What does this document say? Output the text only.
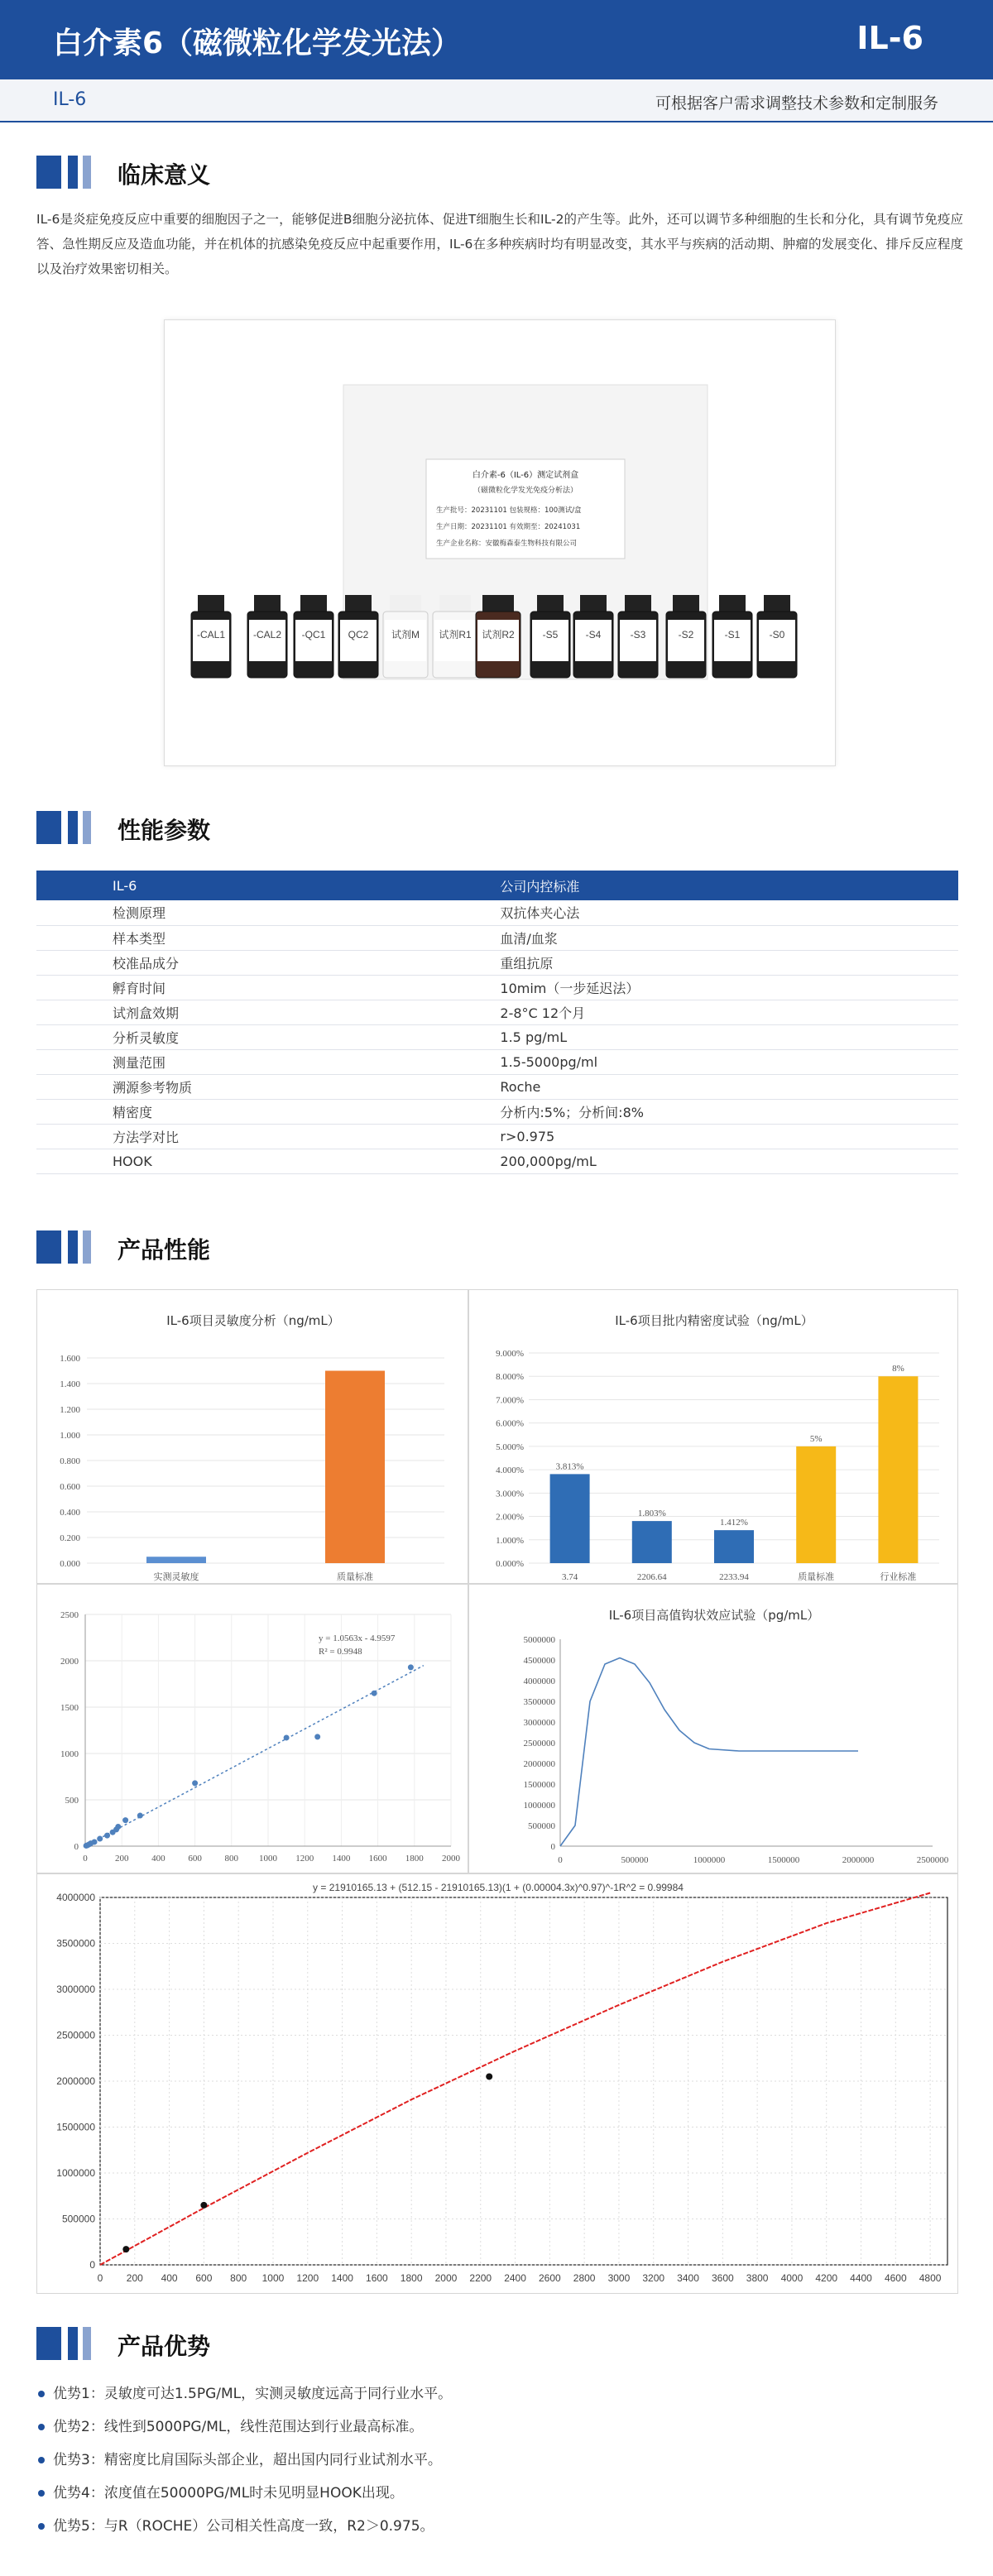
白介素6（磁微粒化学发光法）	IL-6
IL-6	可根据客户需求调整技术参数和定制服务
临床意义
IL-6是炎症免疫反应中重要的细胞因子之一，能够促进B细胞分泌抗体、促进T细胞生长和IL-2的产生等。此外，还可以调节多种细胞的生长和分化，具有调节免疫应答、急性期反应及造血功能，并在机体的抗感染免疫反应中起重要作用，IL-6在多种疾病时均有明显改变，其水平与疾病的活动期、肿瘤的发展变化、排斥反应程度以及治疗效果密切相关。
白介素-6（IL-6）测定试剂盒
（磁微粒化学发光免疫分析法）
生产批号：20231101 包装规格：100测试/盒
生产日期：20231101 有效期至：20241031
生产企业名称：安徽梅森泰生物科技有限公司
-CAL1	-CAL2 -QC1 QC2 试剂M 试剂R1 试剂R2	-S5	-S4	-S3	-S2	-S1	-S0
性能参数
IL-6	公司内控标准
检测原理	双抗体夹心法
样本类型	血清/血浆
校准品成分	重组抗原
孵育时间	10mim（一步延迟法）
试剂盒效期	2-8°C 12个月
分析灵敏度	1.5 pg/mL
测量范围	1.5-5000pg/ml
溯源参考物质	Roche
精密度	分析内:5%；分析间:8%
方法学对比	r>0.975
HOOK	200,000pg/mL
产品性能
IL-6项目灵敏度分析（ng/mL）
0.000
0.200
0.400
0.600
0.800
1.000
1.200
1.400
1.600
实测灵敏度	质量标准
IL-6项目批内精密度试验（ng/mL）
0.000%
1.000%
2.000%
3.000%
4.000%
5.000%
6.000%
7.000%
8.000%
9.000%
3.813%
3.74
1.803%
2206.64
1.412%
2233.94
5%
质量标准
8%
行业标准
0
500
1000
1500
2000
2500
0	200	400	600	800 1000 1200 1400 1600 1800 2000
y = 1.0563x - 4.9597
R² = 0.9948
IL-6项目高值钩状效应试验（pg/mL）
0
500000
1000000
1500000
2000000
2500000
3000000
3500000
4000000
4500000
5000000
0	500000	1000000	1500000	2000000	2500000
y = 21910165.13 + (512.15 - 21910165.13)(1 + (0.00004.3x)^0.97)^-1R^2 = 0.99984
0
500000
1000000
1500000
2000000
2500000
3000000
3500000
4000000
0 200 400 600 800 1000 1200 1400 1600 1800 2000 2200 2400 2600 2800 3000 3200 3400 3600 3800 4000 4200 4400 4600 4800
产品优势
优势1：灵敏度可达1.5PG/ML，实测灵敏度远高于同行业水平。
优势2：线性到5000PG/ML，线性范围达到行业最高标准。
优势3：精密度比肩国际头部企业，超出国内同行业试剂水平。
优势4：浓度值在50000PG/ML时未见明显HOOK出现。
优势5：与R（ROCHE）公司相关性高度一致，R2＞0.975。
